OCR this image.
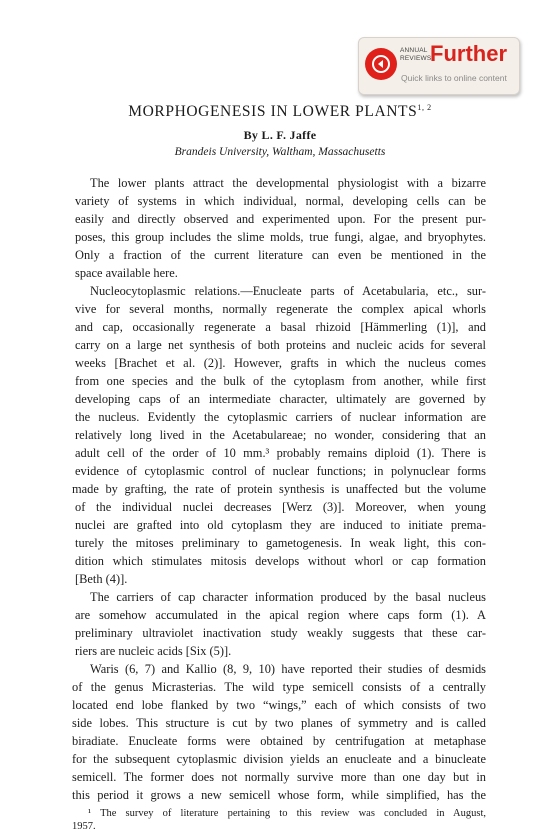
ANNUAL
REVIEWS
Further
Quick links to online content
MORPHOGENESIS IN LOWER PLANTS$^{1, 2}$
By L. F. Jaffe
Brandeis University, Waltham, Massachusetts
The lower plants attract the developmental physiologist with a bizarre
variety of systems in which individual, normal, developing cells can be
easily and directly observed and experimented upon. For the present pur-
poses, this group includes the slime molds, true fungi, algae, and bryophytes.
Only a fraction of the current literature can even be mentioned in the
space available here.
Nucleocytoplasmic relations.—Enucleate parts of Acetabularia, etc., sur-
vive for several months, normally regenerate the complex apical whorls
and cap, occasionally regenerate a basal rhizoid [Hämmerling (1)], and
carry on a large net synthesis of both proteins and nucleic acids for several
weeks [Brachet et al. (2)]. However, grafts in which the nucleus comes
from one species and the bulk of the cytoplasm from another, while first
developing caps of an intermediate character, ultimately are governed by
the nucleus. Evidently the cytoplasmic carriers of nuclear information are
relatively long lived in the Acetabulareae; no wonder, considering that an
adult cell of the order of 10 mm.³ probably remains diploid (1). There is
evidence of cytoplasmic control of nuclear functions; in polynuclear forms
made by grafting, the rate of protein synthesis is unaffected but the volume
of the individual nuclei decreases [Werz (3)]. Moreover, when young
nuclei are grafted into old cytoplasm they are induced to initiate prema-
turely the mitoses preliminary to gametogenesis. In weak light, this con-
dition which stimulates mitosis develops without whorl or cap formation
[Beth (4)].
The carriers of cap character information produced by the basal nucleus
are somehow accumulated in the apical region where caps form (1). A
preliminary ultraviolet inactivation study weakly suggests that these car-
riers are nucleic acids [Six (5)].
Waris (6, 7) and Kallio (8, 9, 10) have reported their studies of desmids
of the genus Micrasterias. The wild type semicell consists of a centrally
located end lobe flanked by two “wings,” each of which consists of two
side lobes. This structure is cut by two planes of symmetry and is called
biradiate. Enucleate forms were obtained by centrifugation at metaphase
for the subsequent cytoplasmic division yields an enucleate and a binucleate
semicell. The former does not normally survive more than one day but in
this period it grows a new semicell whose form, while simplified, has the
¹ The survey of literature pertaining to this review was concluded in August,
1957.
